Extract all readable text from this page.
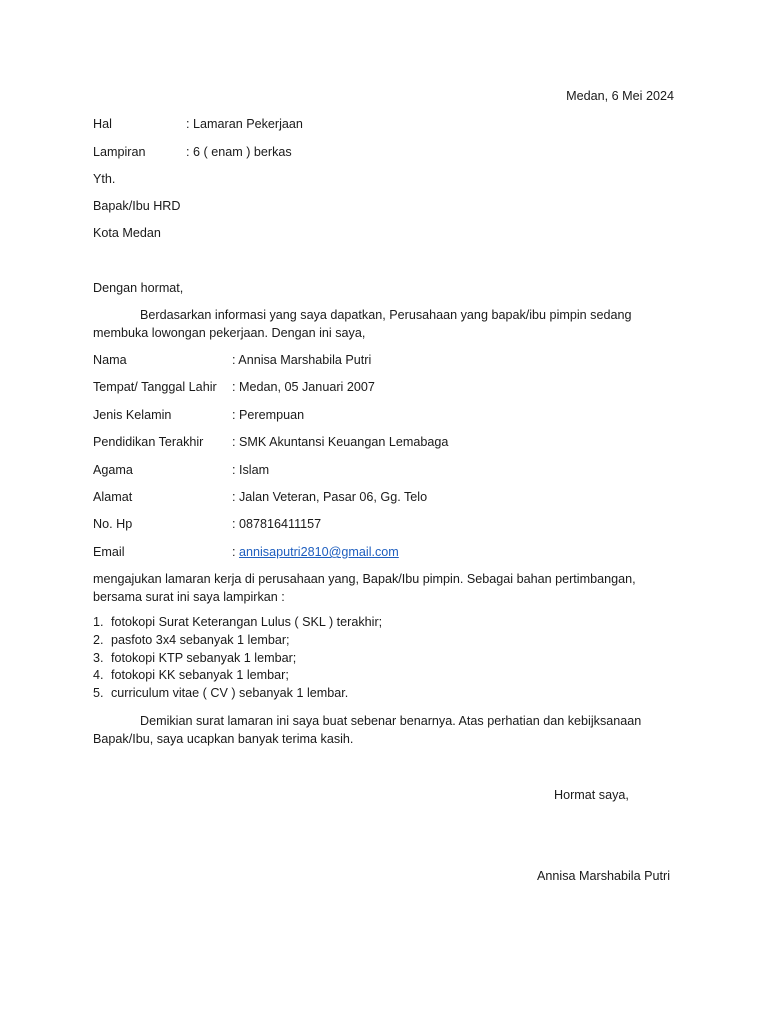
Medan, 6 Mei 2024
Hal	: Lamaran Pekerjaan
Lampiran	: 6 ( enam ) berkas
Yth.
Bapak/Ibu HRD
Kota Medan
Dengan hormat,
Berdasarkan informasi yang saya dapatkan, Perusahaan yang bapak/ibu pimpin sedang
membuka lowongan pekerjaan. Dengan ini saya,
Nama	: Annisa Marshabila Putri
Tempat/ Tanggal Lahir : Medan, 05 Januari 2007
Jenis Kelamin	: Perempuan
Pendidikan Terakhir : SMK Akuntansi Keuangan Lemabaga
Agama	: Islam
Alamat	: Jalan Veteran, Pasar 06, Gg. Telo
No. Hp	: 087816411157
Email	: annisaputri2810@gmail.com
mengajukan lamaran kerja di perusahaan yang, Bapak/Ibu pimpin. Sebagai bahan pertimbangan,
bersama surat ini saya lampirkan :
1. fotokopi Surat Keterangan Lulus ( SKL ) terakhir;
2. pasfoto 3x4 sebanyak 1 lembar;
3. fotokopi KTP sebanyak 1 lembar;
4. fotokopi KK sebanyak 1 lembar;
5. curriculum vitae ( CV ) sebanyak 1 lembar.
Demikian surat lamaran ini saya buat sebenar benarnya. Atas perhatian dan kebijksanaan
Bapak/Ibu, saya ucapkan banyak terima kasih.
Hormat saya,
Annisa Marshabila Putri
